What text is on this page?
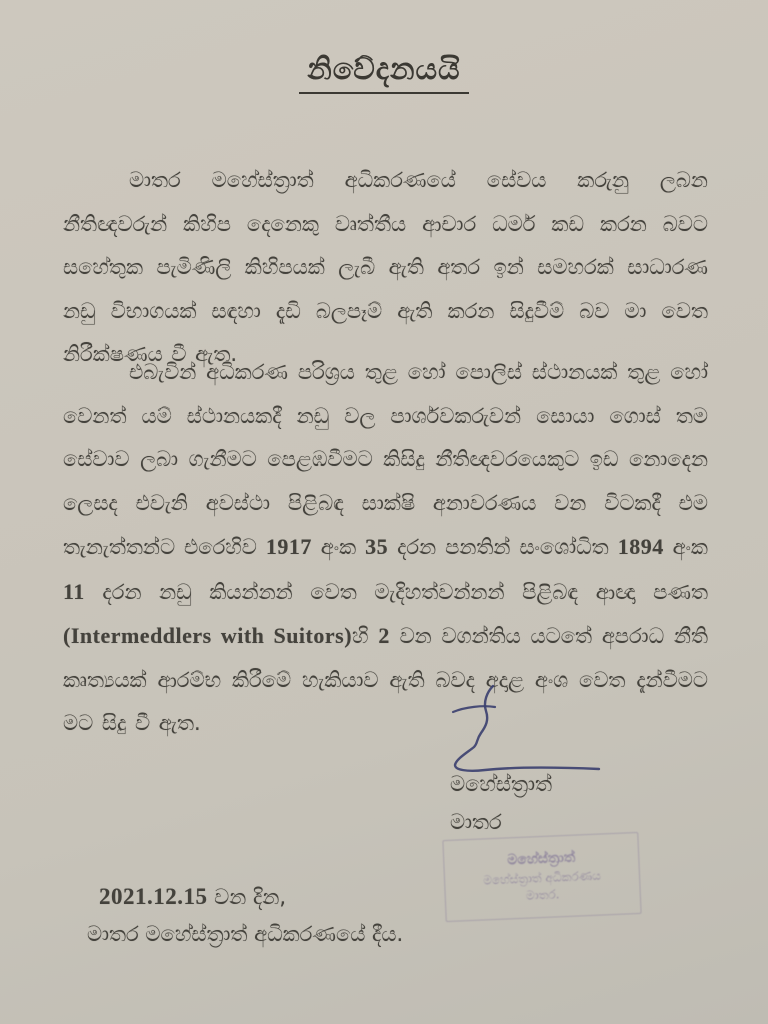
නිවේදනයයි

මාතර මහේස්ත්‍රාත් අධිකරණයේ සේවය කරුනු ලබන නීතිඥවරුන් කිහිප දෙනෙකු වෘත්තීය ආචාර ධර්ම කඩ කරන බවට සහේතුක පැමිණිලි කිහිපයක් ලැබී ඇති අතර ඉන් සමහරක් සාධාරණ නඩු විභාගයක් සඳහා දැඩි බලපෑම් ඇති කරන සිදුවීම් බව මා වෙත නිරීක්ෂණය වී ඇත.

එබැවින් අධිකරණ පරිශ්‍රය තුළ හෝ පොලිස් ස්ථානයක් තුළ හෝ වෙනත් යම් ස්ථානයකදී නඩු වල පාර්ශවකරුවන් සොයා ගොස් තම සේවාව ලබා ගැනීමට පෙළඹවීමට කිසිදු නීතිඥවරයෙකුට ඉඩ නොදෙන ලෙසද එවැනි අවස්ථා පිළිබඳ සාක්ෂි අනාවරණය වන විටකදී එම තැනැත්තන්ට එරෙහිව 1917 අංක 35 දරන පනතින් සංශෝධිත 1894 අංක 11 දරන නඩු කියන්නන් වෙත මැදිහත්වන්නන් පිළිබඳ ආඥා පණත (Intermeddlers with Suitors)හි 2 වන වගන්තිය යටතේ අපරාධ නීති කෘත්‍යයක් ආරම්භ කිරීමේ හැකියාව ඇති බවද අදාළ අංශ වෙත දැන්වීමට මට සිදු වී ඇත.

මහේස්ත්‍රාත්
මාතර
මහේස්ත්‍රාත්
මහේස්ත්‍රාත් අධිකරණය
මාතර.
2021.12.15 වන දින,
මාතර මහේස්ත්‍රාත් අධිකරණයේ දීය.
